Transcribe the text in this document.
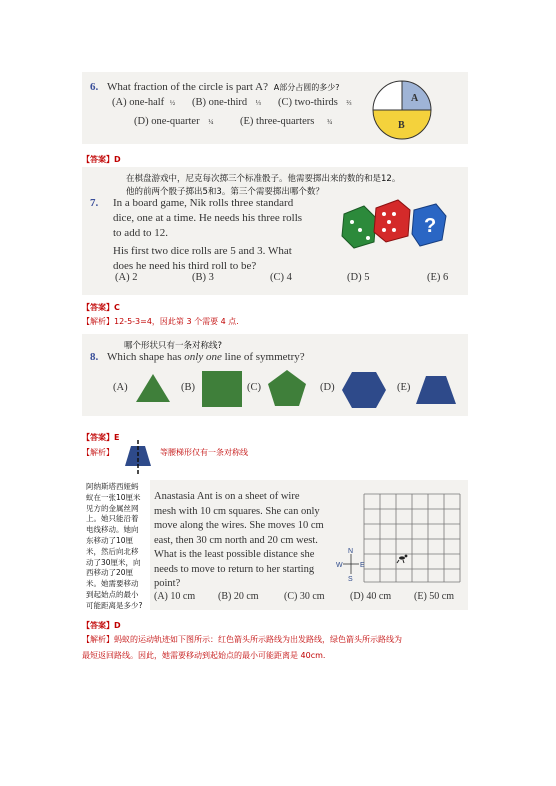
6. What fraction of the circle is part A? A部分占圆的多少?
(A) one-half ½ (B) one-third ⅓ (C) two-thirds ⅔
(D) one-quarter ¼	(E) three-quarters ¾
A
B
【答案】D
在棋盘游戏中，尼克每次掷三个标准骰子。他需要掷出来的数的和是12。
他的前两个骰子掷出5和3。第三个需要掷出哪个数？
7. In a board game, Nik rolls three standard
dice, one at a time. He needs his three rolls
to add to 12.
His first two dice rolls are 5 and 3. What
does he need his third roll to be?
?
(A) 2	(B) 3	(C) 4	(D) 5	(E) 6
【答案】C
【解析】12-5-3=4，因此第 3 个需要 4 点.
哪个形状只有一条对称线?
8. Which shape has only one line of symmetry?
(A)	(B)	(C)	(D)	(E)
【答案】E
【解析】	等腰梯形仅有一条对称线
阿纳斯塔西娅蚂
蚁在一张10厘米
见方的金属丝网
上。她只能沿着
电线移动。她向
东移动了10厘
米，然后向北移
动了30厘米，向
西移动了20厘
米。她需要移动
到起始点的最小
可能距离是多少?
Anastasia Ant is on a sheet of wire
mesh with 10 cm squares. She can only
move along the wires. She moves 10 cm
east, then 30 cm north and 20 cm west.
What is the least possible distance she
needs to move to return to her starting
point?
N
W E
S
(A) 10 cm (B) 20 cm	(C) 30 cm	(D) 40 cm (E) 50 cm
【答案】D
【解析】蚂蚁的运动轨迹如下图所示：红色箭头所示路线为出发路线，绿色箭头所示路线为
最短返回路线。因此，她需要移动到起始点的最小可能距离是 40cm.
